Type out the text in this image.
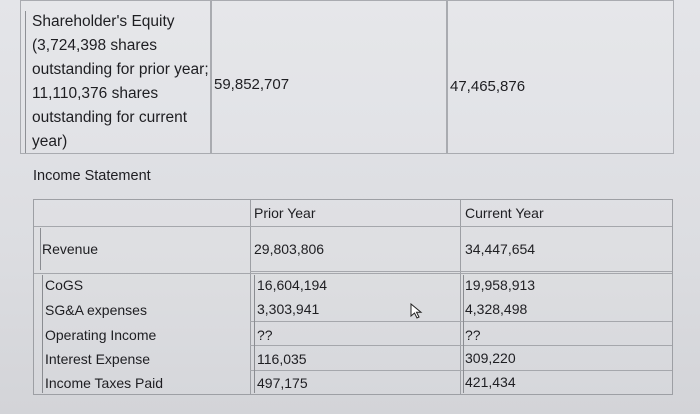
Shareholder's Equity
(3,724,398 shares
outstanding for prior year;
11,110,376 shares
outstanding for current
year)
59,852,707	47,465,876
Income Statement
Prior Year	Current Year
Revenue	29,803,806	34,447,654
CoGS	16,604,194	19,958,913
SG&A expenses	3,303,941	4,328,498
Operating Income	??	??
Interest Expense	116,035	309,220
Income Taxes Paid	497,175	421,434
